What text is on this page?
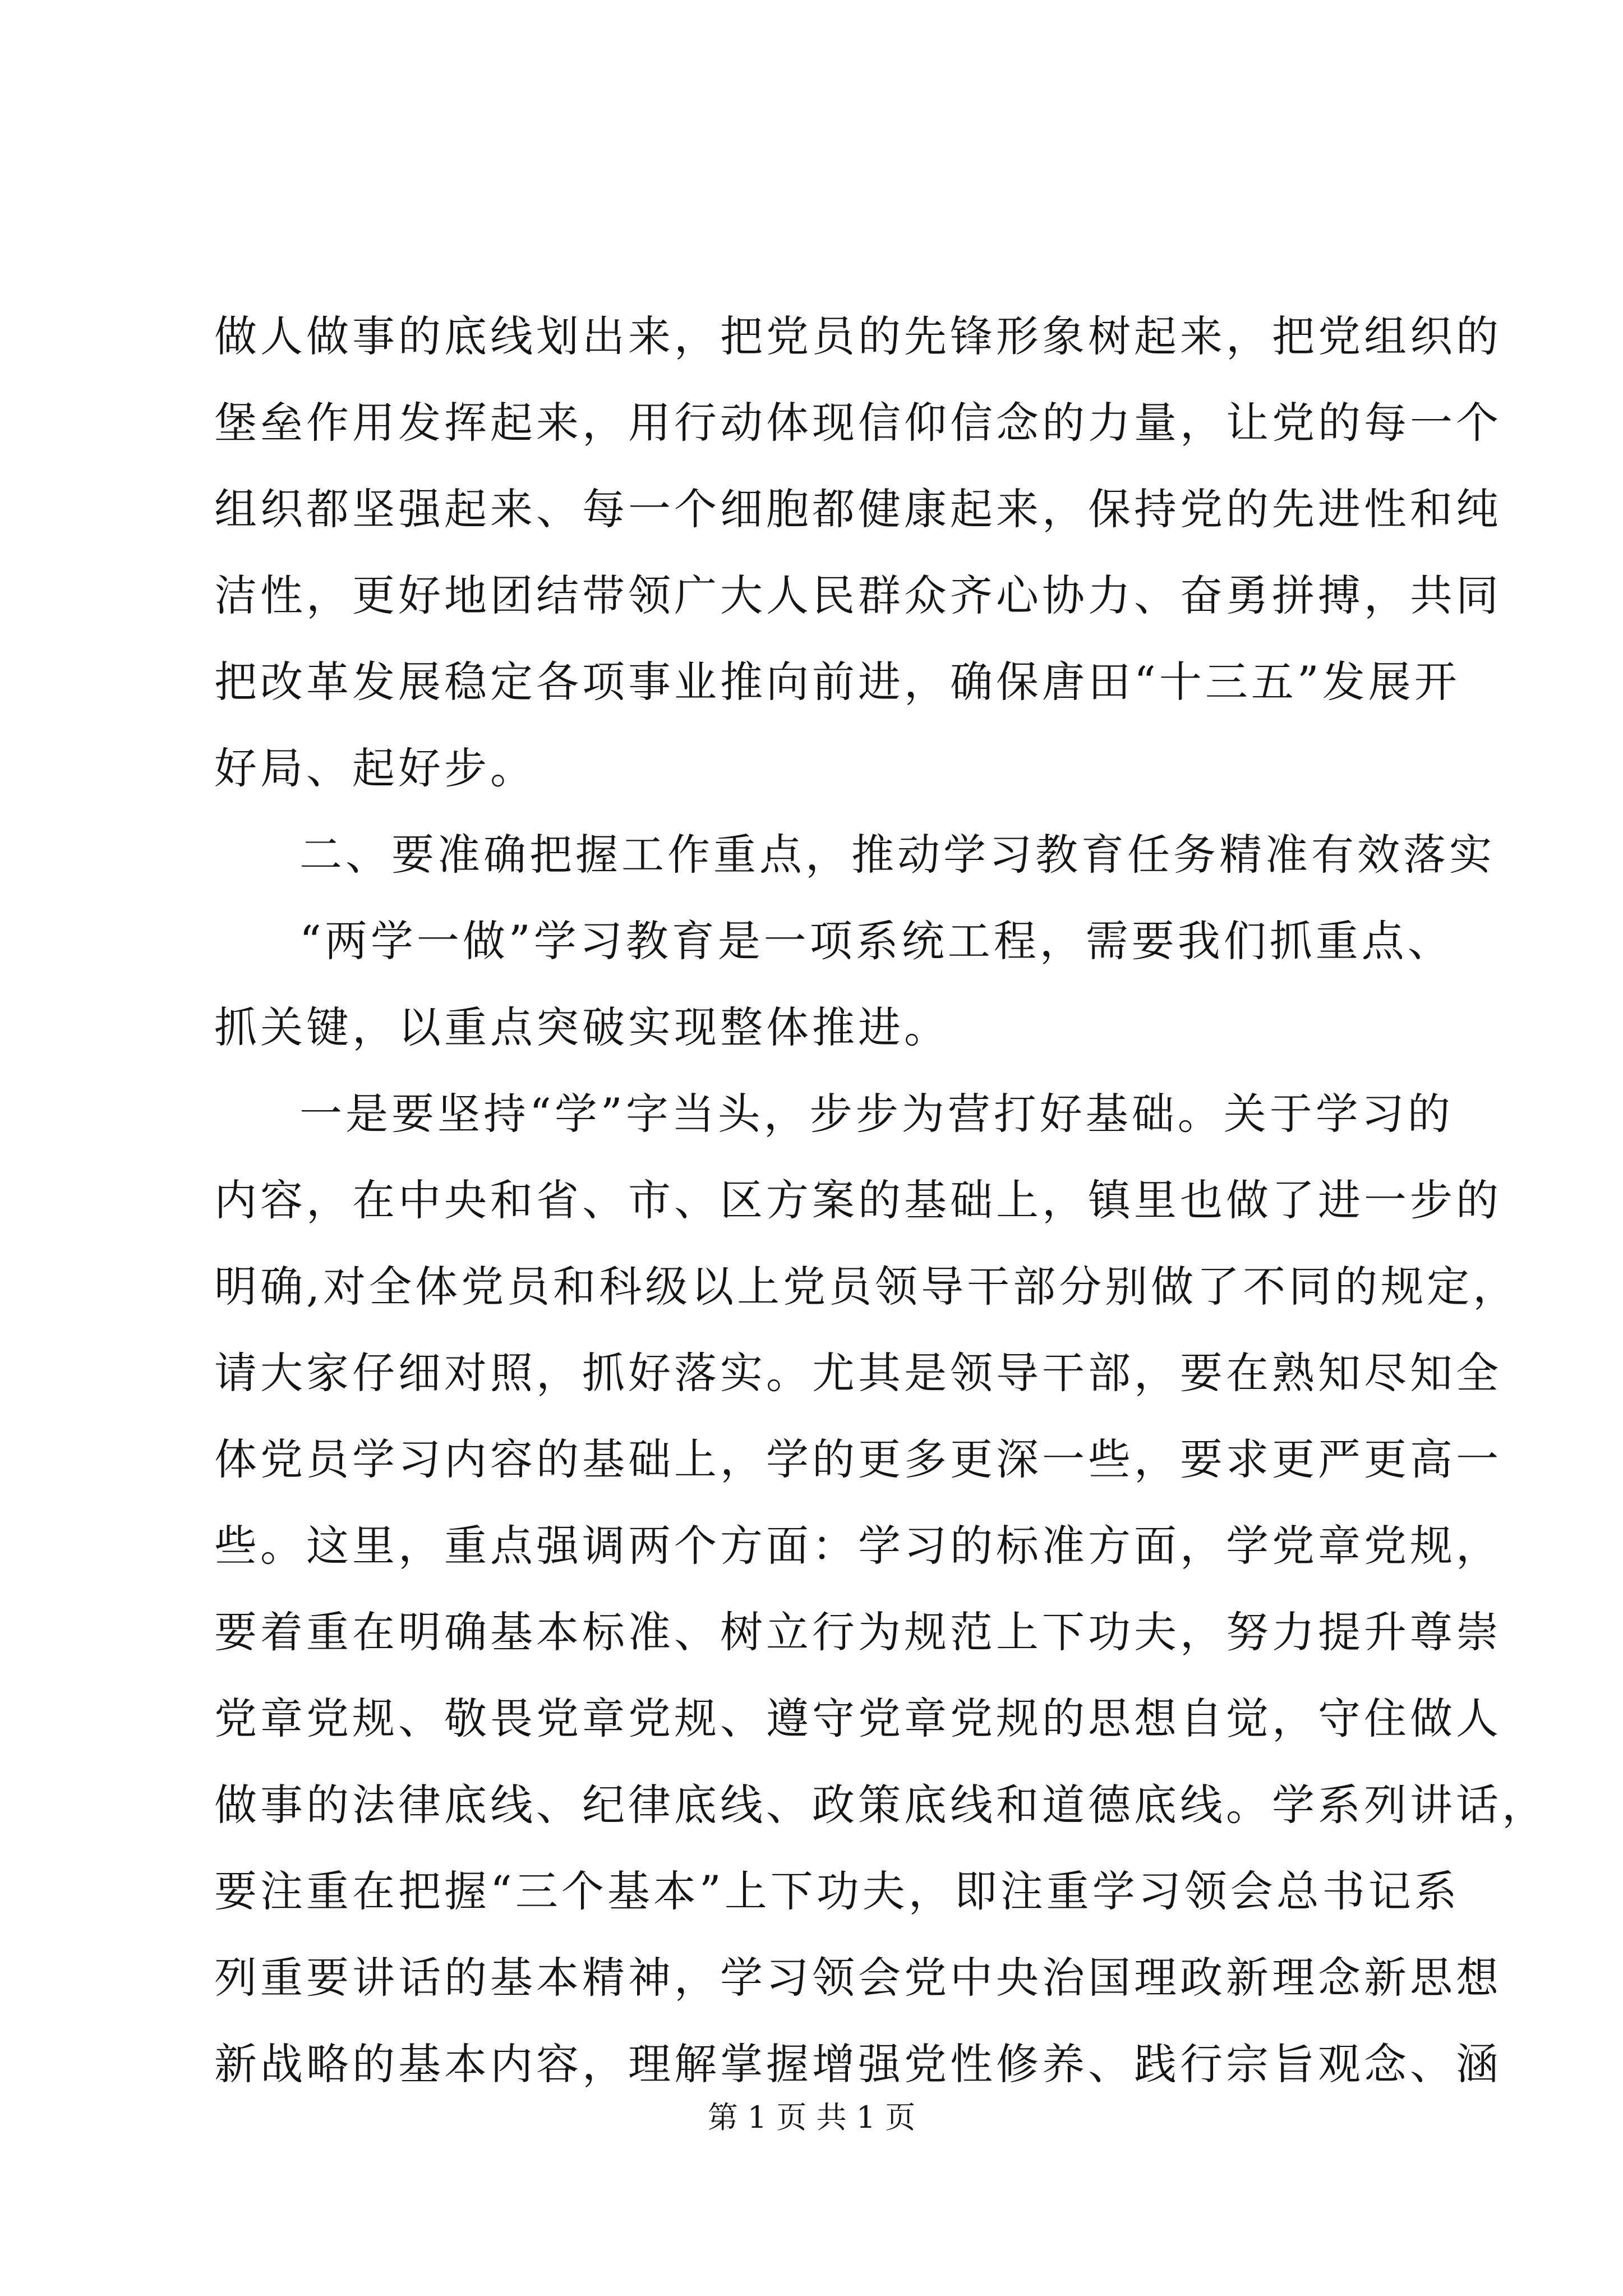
做人做事的底线划出来，把党员的先锋形象树起来，把党组织的
堡垒作用发挥起来，用行动体现信仰信念的力量，让党的每一个
组织都坚强起来、每一个细胞都健康起来，保持党的先进性和纯
洁性，更好地团结带领广大人民群众齐心协力、奋勇拼搏，共同
把改革发展稳定各项事业推向前进，确保唐田“十三五”发展开
好局、起好步。
二、要准确把握工作重点，推动学习教育任务精准有效落实
“两学一做”学习教育是一项系统工程，需要我们抓重点、
抓关键，以重点突破实现整体推进。
一是要坚持“学”字当头，步步为营打好基础。关于学习的
内容，在中央和省、市、区方案的基础上，镇里也做了进一步的
明确,对全体党员和科级以上党员领导干部分别做了不同的规定，
请大家仔细对照，抓好落实。尤其是领导干部，要在熟知尽知全
体党员学习内容的基础上，学的更多更深一些，要求更严更高一
些。这里，重点强调两个方面：学习的标准方面，学党章党规，
要着重在明确基本标准、树立行为规范上下功夫，努力提升尊崇
党章党规、敬畏党章党规、遵守党章党规的思想自觉，守住做人
做事的法律底线、纪律底线、政策底线和道德底线。学系列讲话，
要注重在把握“三个基本”上下功夫，即注重学习领会总书记系
列重要讲话的基本精神，学习领会党中央治国理政新理念新思想
新战略的基本内容，理解掌握增强党性修养、践行宗旨观念、涵
第 1 页 共 1 页
